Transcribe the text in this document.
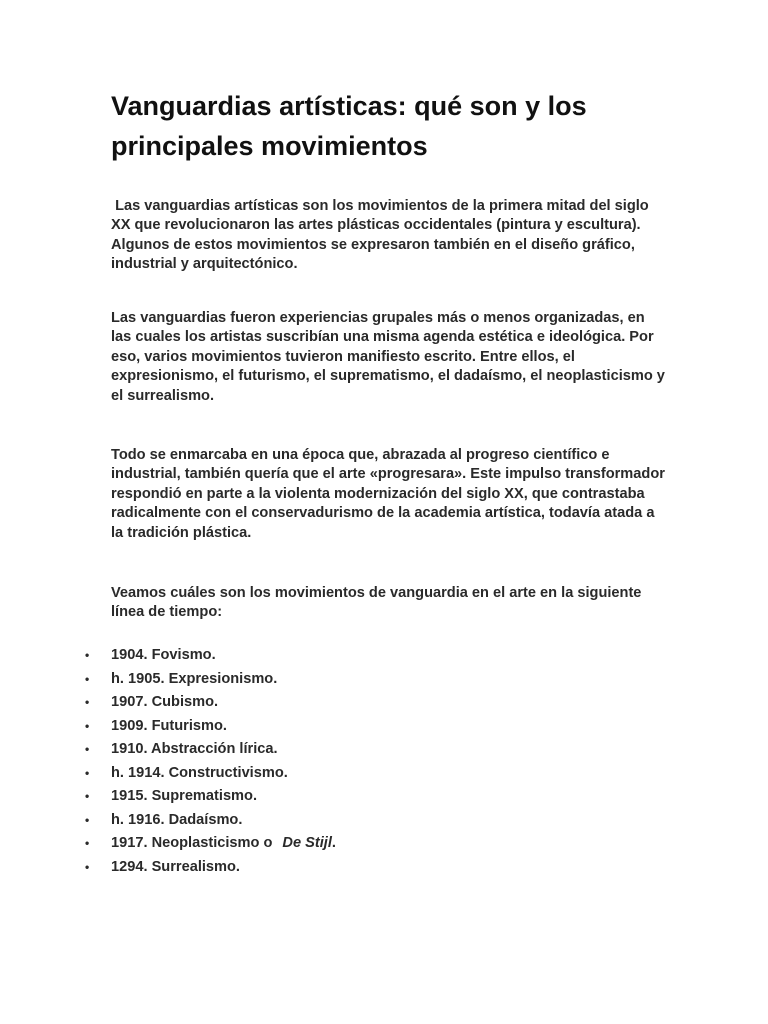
Vanguardias artísticas: qué son y los principales movimientos

Las vanguardias artísticas son los movimientos de la primera mitad del siglo XX que revolucionaron las artes plásticas occidentales (pintura y escultura). Algunos de estos movimientos se expresaron también en el diseño gráfico, industrial y arquitectónico.

Las vanguardias fueron experiencias grupales más o menos organizadas, en las cuales los artistas suscribían una misma agenda estética e ideológica. Por eso, varios movimientos tuvieron manifiesto escrito. Entre ellos, el expresionismo, el futurismo, el suprematismo, el dadaísmo, el neoplasticismo y el surrealismo.

Todo se enmarcaba en una época que, abrazada al progreso científico e industrial, también quería que el arte «progresara». Este impulso transformador respondió en parte a la violenta modernización del siglo XX, que contrastaba radicalmente con el conservadurismo de la academia artística, todavía atada a la tradición plástica.

Veamos cuáles son los movimientos de vanguardia en el arte en la siguiente línea de tiempo:

• 1904. Fovismo.
• h. 1905. Expresionismo.
• 1907. Cubismo.
• 1909. Futurismo.
• 1910. Abstracción lírica.
• h. 1914. Constructivismo.
• 1915. Suprematismo.
• h. 1916. Dadaísmo.
• 1917. Neoplasticismo o De Stijl.
• 1294. Surrealismo.
